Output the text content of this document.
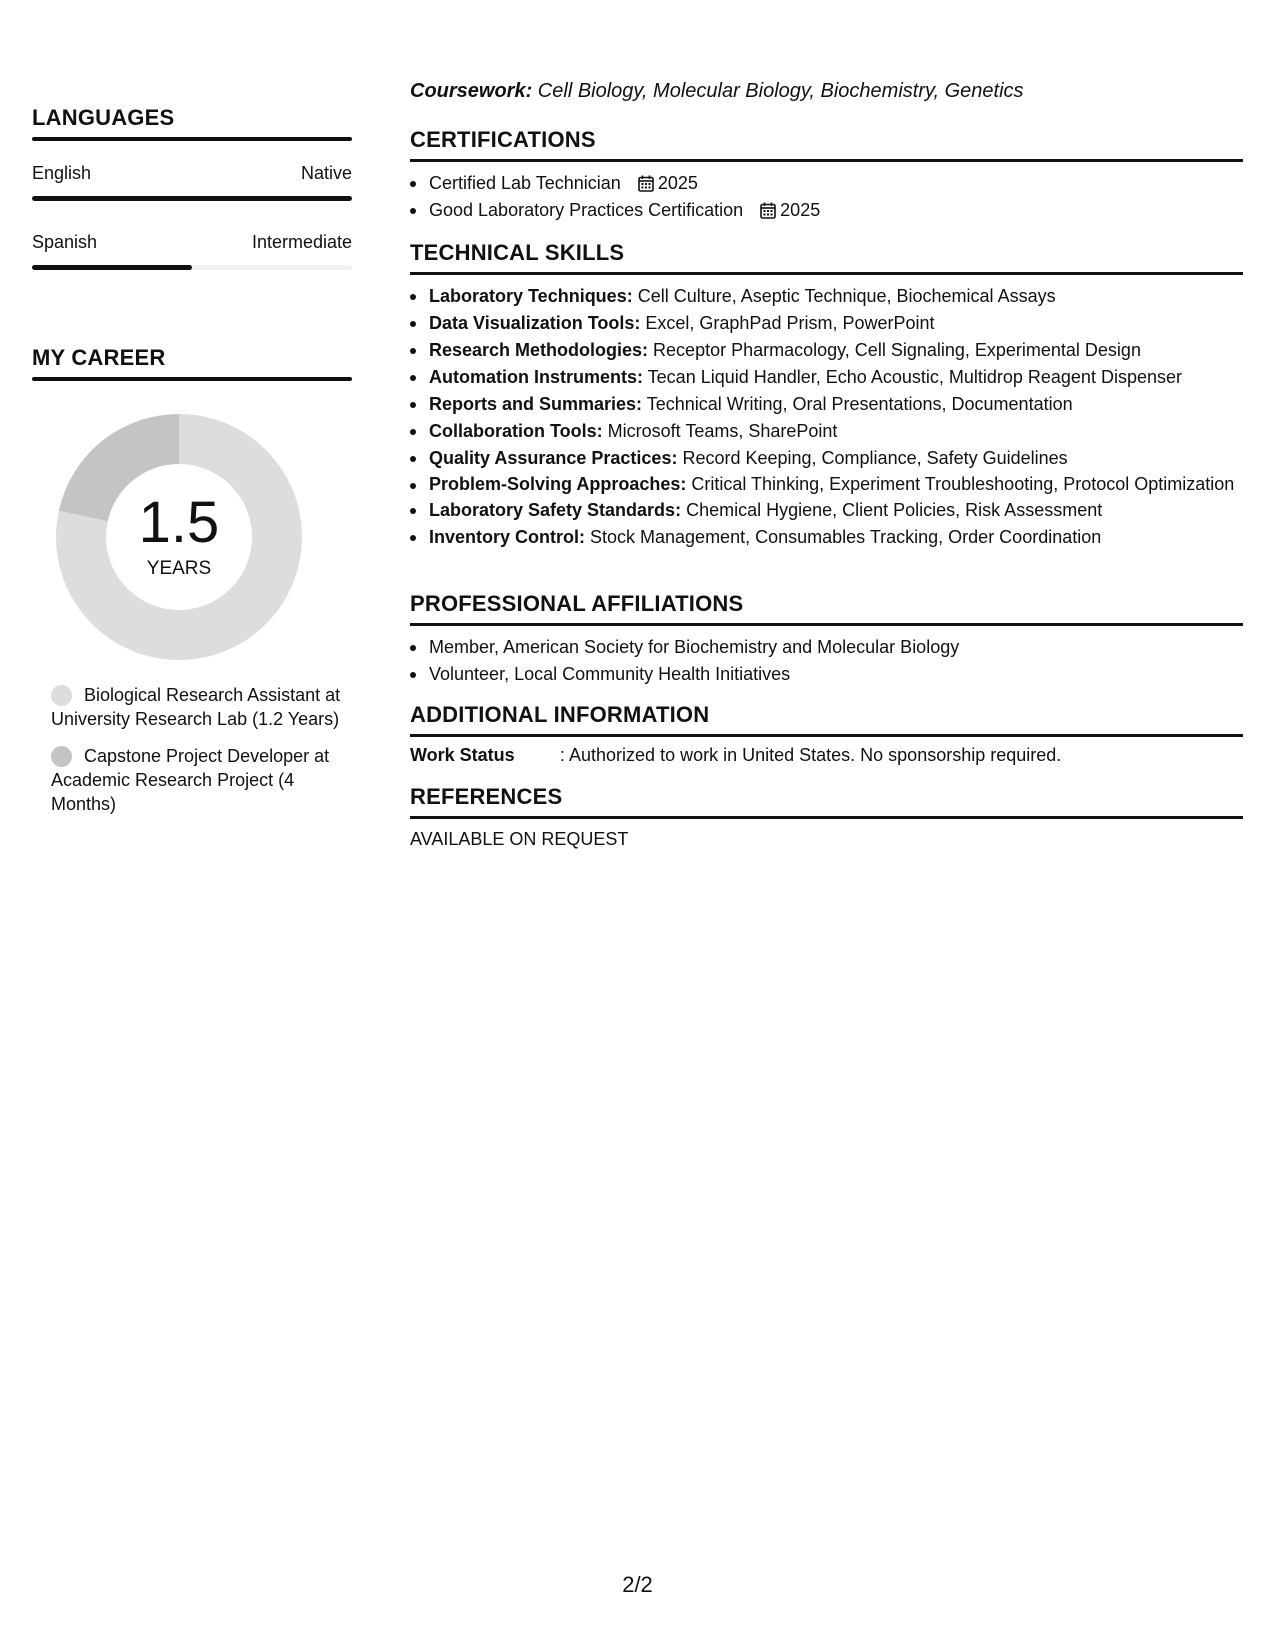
LANGUAGES
English	Native
Spanish	Intermediate
MY CAREER
1.5
YEARS
Biological Research Assistant at University Research Lab (1.2 Years)
Capstone Project Developer at Academic Research Project (4 Months)
Coursework: Cell Biology, Molecular Biology, Biochemistry, Genetics
CERTIFICATIONS
Certified Lab Technician 2025
Good Laboratory Practices Certification 2025
TECHNICAL SKILLS
Laboratory Techniques: Cell Culture, Aseptic Technique, Biochemical Assays
Data Visualization Tools: Excel, GraphPad Prism, PowerPoint
Research Methodologies: Receptor Pharmacology, Cell Signaling, Experimental Design
Automation Instruments: Tecan Liquid Handler, Echo Acoustic, Multidrop Reagent Dispenser
Reports and Summaries: Technical Writing, Oral Presentations, Documentation
Collaboration Tools: Microsoft Teams, SharePoint
Quality Assurance Practices: Record Keeping, Compliance, Safety Guidelines
Problem-Solving Approaches: Critical Thinking, Experiment Troubleshooting, Protocol Optimization
Laboratory Safety Standards: Chemical Hygiene, Client Policies, Risk Assessment
Inventory Control: Stock Management, Consumables Tracking, Order Coordination
PROFESSIONAL AFFILIATIONS
Member, American Society for Biochemistry and Molecular Biology
Volunteer, Local Community Health Initiatives
ADDITIONAL INFORMATION
Work Status	: Authorized to work in United States. No sponsorship required.
REFERENCES
AVAILABLE ON REQUEST
2/2
